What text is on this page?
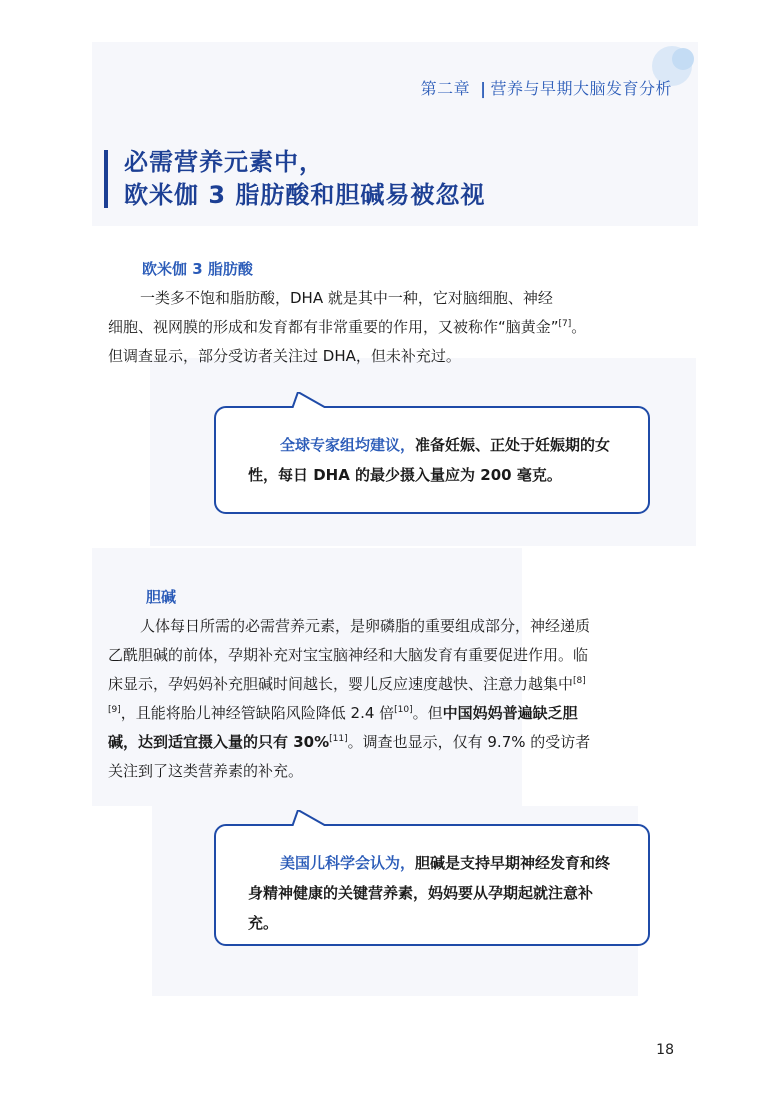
第二章 | 营养与早期大脑发育分析
必需营养元素中，
欧米伽 3 脂肪酸和胆碱易被忽视
欧米伽 3 脂肪酸

一类多不饱和脂肪酸，DHA 就是其中一种，它对脑细胞、神经

细胞、视网膜的形成和发育都有非常重要的作用，又被称作“脑黄金”[7]。

但调查显示，部分受访者关注过 DHA，但未补充过。

全球专家组均建议，准备妊娠、正处于妊娠期的女性，每日 DHA 的最少摄入量应为 200 毫克。
胆碱

人体每日所需的必需营养元素，是卵磷脂的重要组成部分，神经递质乙酰胆碱的前体，孕期补充对宝宝脑神经和大脑发育有重要促进作用。临床显示，孕妈妈补充胆碱时间越长，婴儿反应速度越快、注意力越集中[8][9]，且能将胎儿神经管缺陷风险降低 2.4 倍[10]。但中国妈妈普遍缺乏胆碱，达到适宜摄入量的只有 30%[11]。调查也显示，仅有 9.7% 的受访者关注到了这类营养素的补充。

美国儿科学会认为，胆碱是支持早期神经发育和终身精神健康的关键营养素，妈妈要从孕期起就注意补充。
18
